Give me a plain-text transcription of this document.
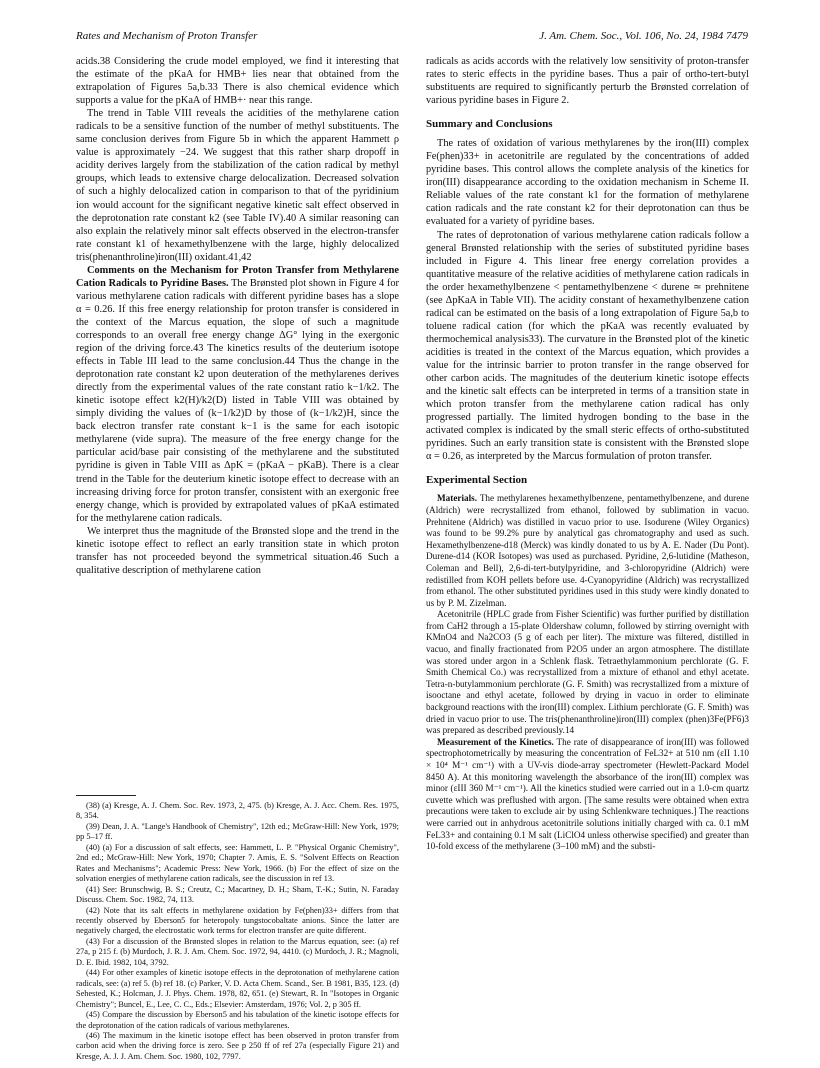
Rates and Mechanism of Proton Transfer	J. Am. Chem. Soc., Vol. 106, No. 24, 1984 7479

acids.38 Considering the crude model employed, we find it interesting that the estimate of the pKaA for HMB+ lies near that obtained from the extrapolation of Figures 5a,b.33 There is also chemical evidence which supports a value for the pKaA of HMB+· near this range.

The trend in Table VIII reveals the acidities of the methylarene cation radicals to be a sensitive function of the number of methyl substituents. The same conclusion derives from Figure 5b in which the apparent Hammett ρ value is approximately −24. We suggest that this rather sharp dropoff in acidity derives largely from the stabilization of the cation radical by methyl groups, which leads to extensive charge delocalization. Decreased solvation of such a highly delocalized cation in comparison to that of the pyridinium ion would account for the significant negative kinetic salt effect observed in the deprotonation rate constant k2 (see Table IV).40 A similar reasoning can also explain the relatively minor salt effects observed in the electron-transfer rate constant k1 of hexamethylbenzene with the large, highly delocalized tris(phenanthroline)iron(III) oxidant.41,42

Comments on the Mechanism for Proton Transfer from Methylarene Cation Radicals to Pyridine Bases. The Brønsted plot shown in Figure 4 for various methylarene cation radicals with different pyridine bases has a slope α = 0.26. If this free energy relationship for proton transfer is considered in the context of the Marcus equation, the slope of such a magnitude corresponds to an overall free energy change ΔG° lying in the exergonic region of the driving force.43 The kinetics results of the deuterium isotope effects in Table III lead to the same conclusion.44 Thus the change in the deprotonation rate constant k2 upon deuteration of the methylarenes derives directly from the experimental values of the rate constant ratio k−1/k2. The kinetic isotope effect k2(H)/k2(D) listed in Table VIII was obtained by simply dividing the values of (k−1/k2)D by those of (k−1/k2)H, since the back electron transfer rate constant k−1 is the same for each isotopic methylarene (vide supra). The measure of the free energy change for the particular acid/base pair consisting of the methylarene and the substituted pyridine is given in Table VIII as ΔpK = (pKaA − pKaB). There is a clear trend in the Table for the deuterium kinetic isotope effect to decrease with an increasing driving force for proton transfer, consistent with an exergonic free energy change, which is provided by extrapolated values of pKaA estimated for the methylarene cation radicals.

We interpret thus the magnitude of the Brønsted slope and the trend in the kinetic isotope effect to reflect an early transition state in which proton transfer has not proceeded beyond the symmetrical situation.46 Such a qualitative description of methylarene cation

(38) (a) Kresge, A. J. Chem. Soc. Rev. 1973, 2, 475. (b) Kresge, A. J. Acc. Chem. Res. 1975, 8, 354.

(39) Dean, J. A. "Lange's Handbook of Chemistry", 12th ed.; McGraw-Hill: New York, 1979; pp 5–17 ff.

(40) (a) For a discussion of salt effects, see: Hammett, L. P. "Physical Organic Chemistry", 2nd ed.; McGraw-Hill: New York, 1970; Chapter 7. Amis, E. S. "Solvent Effects on Reaction Rates and Mechanisms"; Academic Press: New York, 1966. (b) For the effect of size on the solvation energies of methylarene cation radicals, see the discussion in ref 13.

(41) See: Brunschwig, B. S.; Creutz, C.; Macartney, D. H.; Sham, T.-K.; Sutin, N. Faraday Discuss. Chem. Soc. 1982, 74, 113.

(42) Note that its salt effects in methylarene oxidation by Fe(phen)33+ differs from that recently observed by Eberson5 for heteropoly tungstocobaltate anions. Since the latter are negatively charged, the electrostatic work terms for electron transfer are quite different.

(43) For a discussion of the Brønsted slopes in relation to the Marcus equation, see: (a) ref 27a, p 215 f. (b) Murdoch, J. R. J. Am. Chem. Soc. 1972, 94, 4410. (c) Murdoch, J. R.; Magnoli, D. E. Ibid. 1982, 104, 3792.

(44) For other examples of kinetic isotope effects in the deprotonation of methylarene cation radicals, see: (a) ref 5. (b) ref 18. (c) Parker, V. D. Acta Chem. Scand., Ser. B 1981, B35, 123. (d) Sehested, K.; Holcman, J. J. Phys. Chem. 1978, 82, 651. (e) Stewart, R. In "Isotopes in Organic Chemistry"; Buncel, E., Lee, C. C., Eds.; Elsevier: Amsterdam, 1976; Vol. 2, p 305 ff.

(45) Compare the discussion by Eberson5 and his tabulation of the kinetic isotope effects for the deprotonation of the cation radicals of various methylarenes.

(46) The maximum in the kinetic isotope effect has been observed in proton transfer from carbon acid when the driving force is zero. See p 250 ff of ref 27a (especially Figure 21) and Kresge, A. J. J. Am. Chem. Soc. 1980, 102, 7797.

radicals as acids accords with the relatively low sensitivity of proton-transfer rates to steric effects in the pyridine bases. Thus a pair of ortho-tert-butyl substituents are required to significantly perturb the Brønsted correlation of various pyridine bases in Figure 2.

Summary and Conclusions

The rates of oxidation of various methylarenes by the iron(III) complex Fe(phen)33+ in acetonitrile are regulated by the concentrations of added pyridine bases. This control allows the complete analysis of the kinetics for iron(III) disappearance according to the oxidation mechanism in Scheme II. Reliable values of the rate constant k1 for the formation of methylarene cation radicals and the rate constant k2 for their deprotonation can thus be evaluated for a variety of pyridine bases.

The rates of deprotonation of various methylarene cation radicals follow a general Brønsted relationship with the series of substituted pyridine bases included in Figure 4. This linear free energy correlation provides a quantitative measure of the relative acidities of methylarene cation radicals in the order hexamethylbenzene < pentamethylbenzene < durene ≃ prehnitene (see ΔpKaA in Table VII). The acidity constant of hexamethylbenzene cation radical can be estimated on the basis of a long extrapolation of Figure 5a,b to toluene radical cation (for which the pKaA was recently evaluated by thermochemical analysis33). The curvature in the Brønsted plot of the kinetic acidities is treated in the context of the Marcus equation, which provides a value for the intrinsic barrier to proton transfer in the range observed for other carbon acids. The magnitudes of the deuterium kinetic isotope effects and the kinetic salt effects can be interpreted in terms of a transition state in which proton transfer from the methylarene cation radical has only progressed partially. The limited hydrogen bonding to the base in the activated complex is indicated by the small steric effects of ortho-substituted pyridines. Such an early transition state is consistent with the Brønsted slope α = 0.26, as interpreted by the Marcus formulation of proton transfer.

Experimental Section

Materials. The methylarenes hexamethylbenzene, pentamethylbenzene, and durene (Aldrich) were recrystallized from ethanol, followed by sublimation in vacuo. Prehnitene (Aldrich) was distilled in vacuo prior to use. Isodurene (Wiley Organics) was found to be 99.2% pure by analytical gas chromatography and used as such. Hexamethylbenzene-d18 (Merck) was kindly donated to us by A. E. Nader (Du Pont). Durene-d14 (KOR Isotopes) was used as purchased. Pyridine, 2,6-lutidine (Matheson, Coleman and Bell), 2,6-di-tert-butylpyridine, and 3-chloropyridine (Aldrich) were redistilled from KOH pellets before use. 4-Cyanopyridine (Aldrich) was recrystallized from ethanol. The other substituted pyridines used in this study were kindly donated to us by P. M. Zizelman.

Acetonitrile (HPLC grade from Fisher Scientific) was further purified by distillation from CaH2 through a 15-plate Oldershaw column, followed by stirring overnight with KMnO4 and Na2CO3 (5 g of each per liter). The mixture was filtered, distilled in vacuo, and finally fractionated from P2O5 under an argon atmosphere. The distillate was stored under argon in a Schlenk flask. Tetraethylammonium perchlorate (G. F. Smith Chemical Co.) was recrystallized from a mixture of ethanol and ethyl acetate. Tetra-n-butylammonium perchlorate (G. F. Smith) was recrystallized from a mixture of isooctane and ethyl acetate, followed by drying in vacuo in order to eliminate background reactions with the iron(III) complex. Lithium perchlorate (G. F. Smith) was dried in vacuo prior to use. The tris(phenanthroline)iron(III) complex (phen)3Fe(PF6)3 was prepared as described previously.14

Measurement of the Kinetics. The rate of disappearance of iron(III) was followed spectrophotometrically by measuring the concentration of FeL32+ at 510 nm (εII 1.10 × 10⁴ M⁻¹ cm⁻¹) with a UV-vis diode-array spectrometer (Hewlett-Packard Model 8450 A). At this monitoring wavelength the absorbance of the iron(III) complex was minor (εIII 360 M⁻¹ cm⁻¹). All the kinetics studied were carried out in a 1.0-cm quartz cuvette which was preflushed with argon. [The same results were obtained when extra precautions were taken to exclude air by using Schlenkware techniques.] The reactions were carried out in anhydrous acetonitrile solutions initially charged with ca. 0.1 mM FeL33+ and containing 0.1 M salt (LiClO4 unless otherwise specified) and greater than 10-fold excess of the methylarene (3–100 mM) and the substi-
